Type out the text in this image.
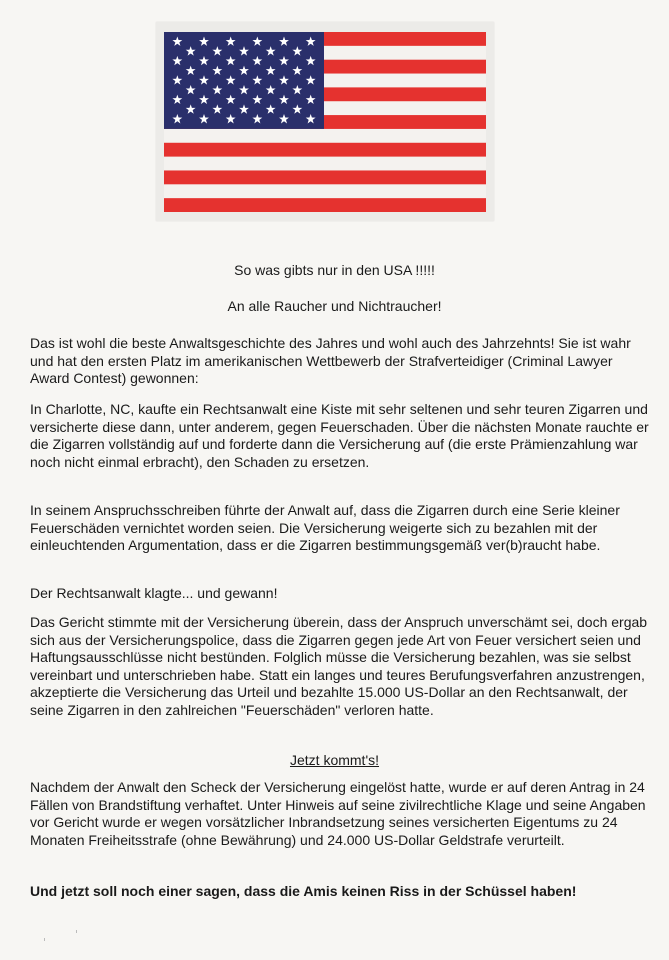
So was gibts nur in den USA !!!!!
An alle Raucher und Nichtraucher!

Das ist wohl die beste Anwaltsgeschichte des Jahres und wohl auch des Jahrzehnts! Sie ist wahr und hat den ersten Platz im amerikanischen Wettbewerb der Strafverteidiger (Criminal Lawyer Award Contest) gewonnen:

In Charlotte, NC, kaufte ein Rechtsanwalt eine Kiste mit sehr seltenen und sehr teuren Zigarren und versicherte diese dann, unter anderem, gegen Feuerschaden. Über die nächsten Monate rauchte er die Zigarren vollständig auf und forderte dann die Versicherung auf (die erste Prämienzahlung war noch nicht einmal erbracht), den Schaden zu ersetzen.

In seinem Anspruchsschreiben führte der Anwalt auf, dass die Zigarren durch eine Serie kleiner Feuerschäden vernichtet worden seien. Die Versicherung weigerte sich zu bezahlen mit der einleuchtenden Argumentation, dass er die Zigarren bestimmungsgemäß ver(b)raucht habe.

Der Rechtsanwalt klagte... und gewann!

Das Gericht stimmte mit der Versicherung überein, dass der Anspruch unverschämt sei, doch ergab sich aus der Versicherungspolice, dass die Zigarren gegen jede Art von Feuer versichert seien und Haftungsausschlüsse nicht bestünden. Folglich müsse die Versicherung bezahlen, was sie selbst vereinbart und unterschrieben habe. Statt ein langes und teures Berufungsverfahren anzustrengen, akzeptierte die Versicherung das Urteil und bezahlte 15.000 US-Dollar an den Rechtsanwalt, der seine Zigarren in den zahlreichen "Feuerschäden" verloren hatte.

Jetzt kommt's!

Nachdem der Anwalt den Scheck der Versicherung eingelöst hatte, wurde er auf deren Antrag in 24 Fällen von Brandstiftung verhaftet. Unter Hinweis auf seine zivilrechtliche Klage und seine Angaben vor Gericht wurde er wegen vorsätzlicher Inbrandsetzung seines versicherten Eigentums zu 24 Monaten Freiheitsstrafe (ohne Bewährung) und 24.000 US-Dollar Geldstrafe verurteilt.

Und jetzt soll noch einer sagen, dass die Amis keinen Riss in der Schüssel haben!
